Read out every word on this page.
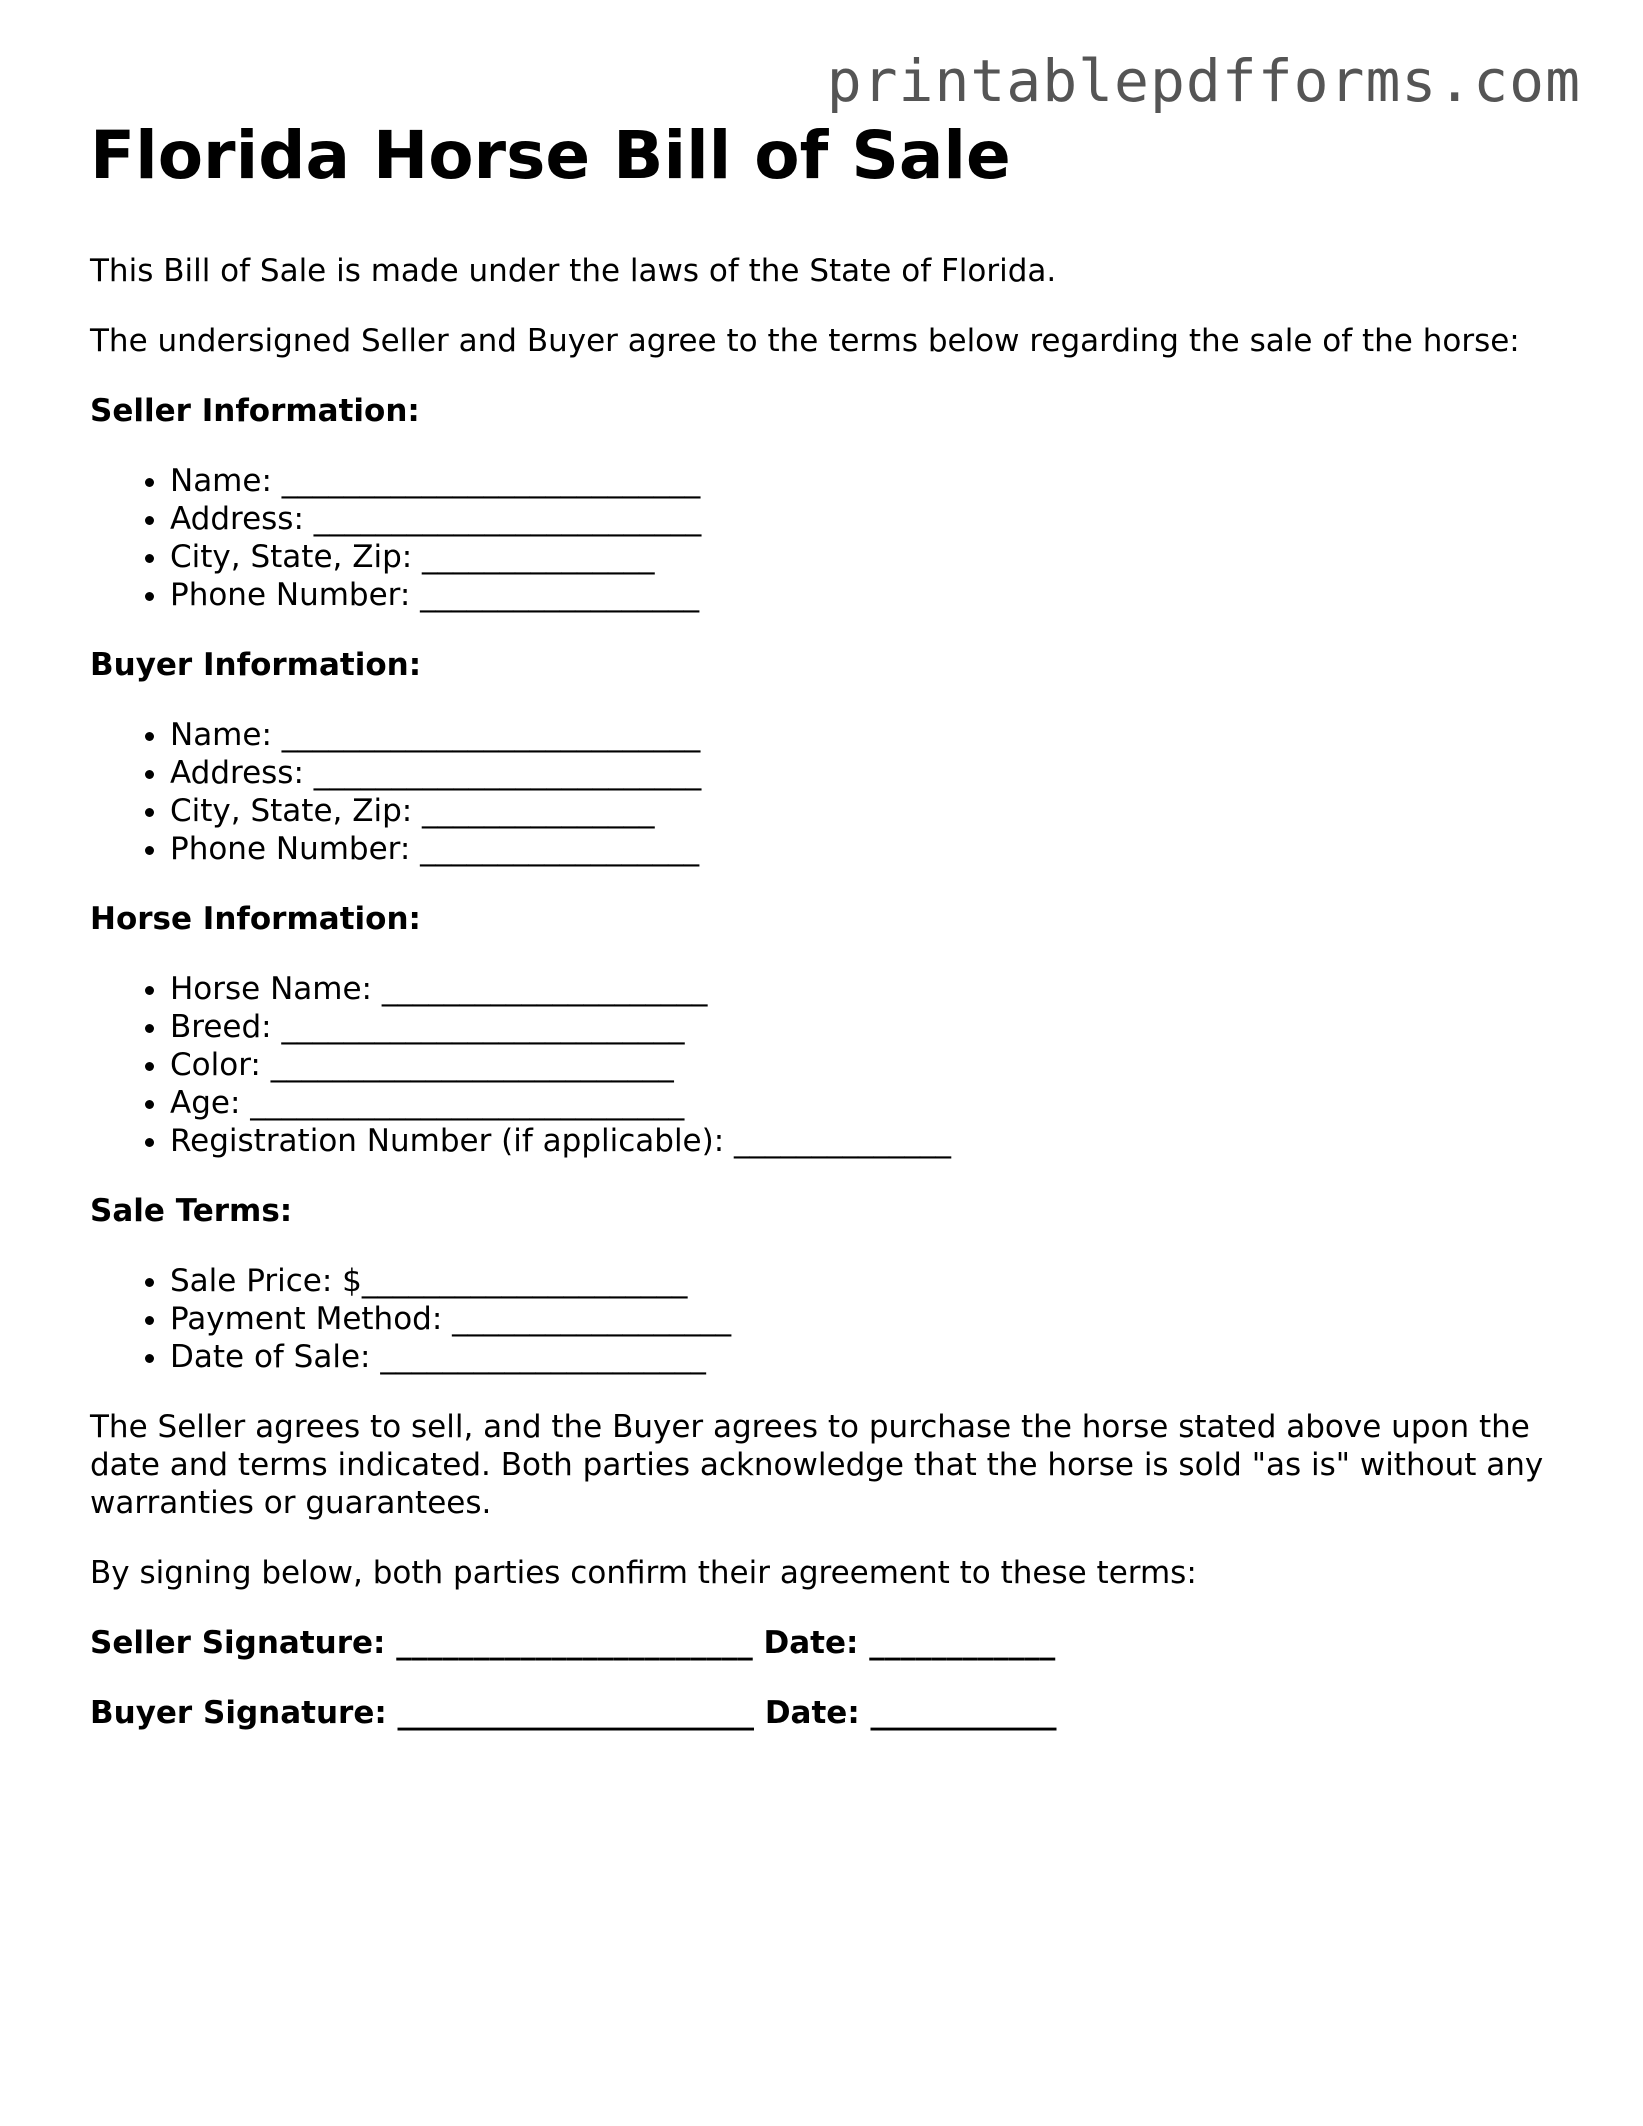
printablepdfforms.com
Florida Horse Bill of Sale

This Bill of Sale is made under the laws of the State of Florida.

The undersigned Seller and Buyer agree to the terms below regarding the sale of the horse:

Seller Information:
• Name: ___________________________
• Address: _________________________
• City, State, Zip: _______________
• Phone Number: __________________
Buyer Information:
• Name: ___________________________
• Address: _________________________
• City, State, Zip: _______________
• Phone Number: __________________
Horse Information:
• Horse Name: _____________________
• Breed: __________________________
• Color: __________________________
• Age: ____________________________
• Registration Number (if applicable): ______________
Sale Terms:
• Sale Price: $_____________________
• Payment Method: __________________
• Date of Sale: _____________________

The Seller agrees to sell, and the Buyer agrees to purchase the horse stated above upon the date and terms indicated. Both parties acknowledge that the horse is sold "as is" without any warranties or guarantees.

By signing below, both parties confirm their agreement to these terms:

Seller Signature: _______________________ Date: ____________
Buyer Signature: _______________________ Date: ____________
